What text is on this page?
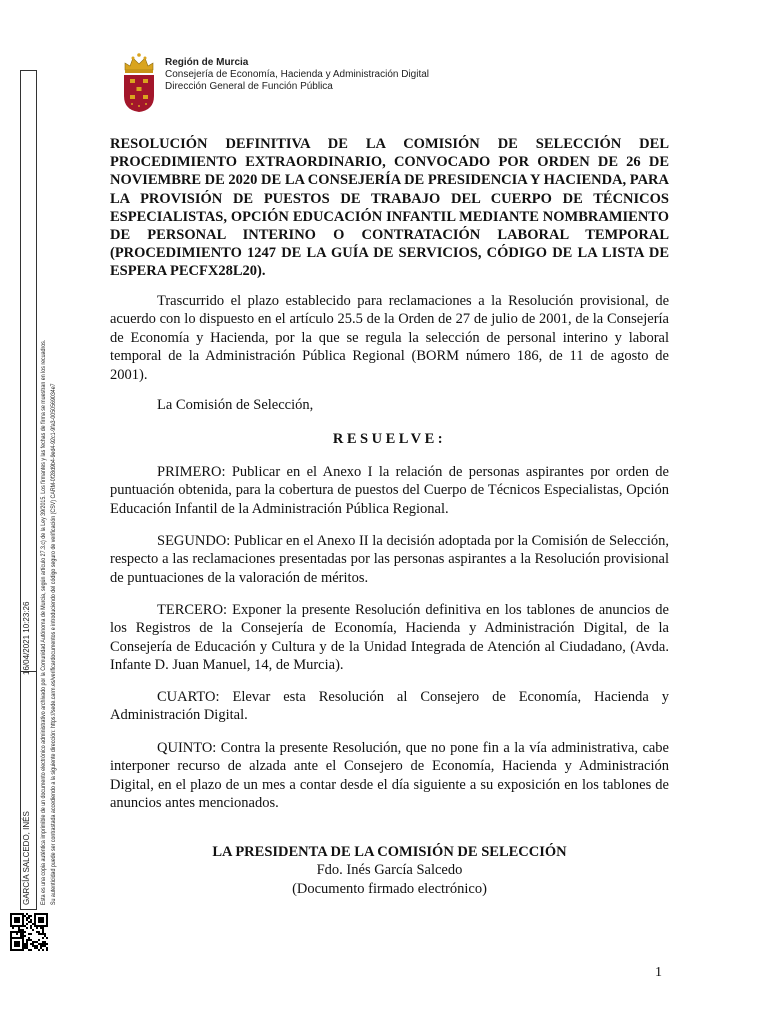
GARCÍA SALCEDO, INÉS
16/04/2021 10:23:26 Esta es una copia auténtica imprimible de un documento electrónico administrativo archivado por la Comunidad Autónoma de Murcia, según artículo 27.3.c) de la Ley 39/2015. Los firmantes y las fechas de firma se muestran en los recuadros. Su autenticidad puede ser contrastada accediendo a la siguiente dirección: https://sede.carm.es/verificardocumentos e introduciendo del código seguro de verificación (CSV) CARM-0f28d9b4-9ed4-92c1-9fa3-0050569034e7
Región de Murcia
Consejería de Economía, Hacienda y Administración Digital
Dirección General de Función Pública

RESOLUCIÓN DEFINITIVA DE LA COMISIÓN DE SELECCIÓN DEL PROCEDIMIENTO EXTRAORDINARIO, CONVOCADO POR ORDEN DE 26 DE NOVIEMBRE DE 2020 DE LA CONSEJERÍA DE PRESIDENCIA Y HACIENDA, PARA LA PROVISIÓN DE PUESTOS DE TRABAJO DEL CUERPO DE TÉCNICOS ESPECIALISTAS, OPCIÓN EDUCACIÓN INFANTIL MEDIANTE NOMBRAMIENTO DE PERSONAL INTERINO O CONTRATACIÓN LABORAL TEMPORAL (PROCEDIMIENTO 1247 DE LA GUÍA DE SERVICIOS, CÓDIGO DE LA LISTA DE ESPERA PECFX28L20).

Trascurrido el plazo establecido para reclamaciones a la Resolución provisional, de acuerdo con lo dispuesto en el artículo 25.5 de la Orden de 27 de julio de 2001, de la Consejería de Economía y Hacienda, por la que se regula la selección de personal interino y laboral temporal de la Administración Pública Regional (BORM número 186, de 11 de agosto de 2001).

La Comisión de Selección,

RESUELVE:

PRIMERO: Publicar en el Anexo I la relación de personas aspirantes por orden de puntuación obtenida, para la cobertura de puestos del Cuerpo de Técnicos Especialistas, Opción Educación Infantil de la Administración Pública Regional.

SEGUNDO: Publicar en el Anexo II la decisión adoptada por la Comisión de Selección, respecto a las reclamaciones presentadas por las personas aspirantes a la Resolución provisional de puntuaciones de la valoración de méritos.

TERCERO: Exponer la presente Resolución definitiva en los tablones de anuncios de los Registros de la Consejería de Economía, Hacienda y Administración Digital, de la Consejería de Educación y Cultura y de la Unidad Integrada de Atención al Ciudadano, (Avda. Infante D. Juan Manuel, 14, de Murcia).

CUARTO: Elevar esta Resolución al Consejero de Economía, Hacienda y Administración Digital.

QUINTO: Contra la presente Resolución, que no pone fin a la vía administrativa, cabe interponer recurso de alzada ante el Consejero de Economía, Hacienda y Administración Digital, en el plazo de un mes a contar desde el día siguiente a su exposición en los tablones de anuncios antes mencionados.

LA PRESIDENTA DE LA COMISIÓN DE SELECCIÓN
Fdo. Inés García Salcedo
(Documento firmado electrónico)
1
